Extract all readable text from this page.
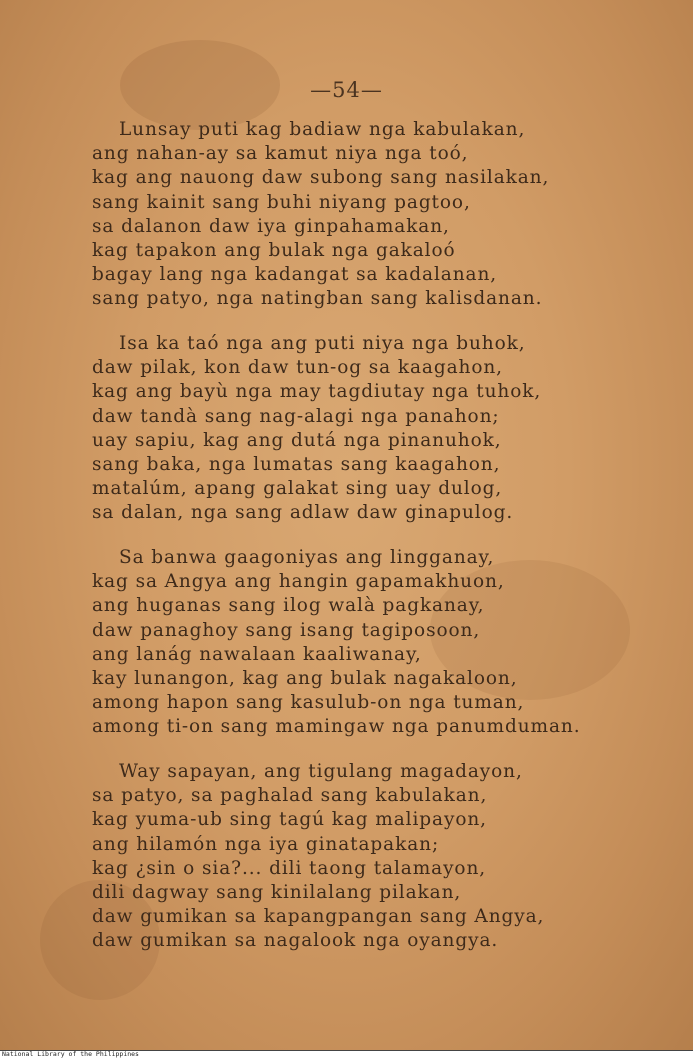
—54—
Lunsay puti kag badiaw nga kabulakan,
ang nahan-ay sa kamut niya nga toó,
kag ang nauong daw subong sang nasilakan,
sang kainit sang buhi niyang pagtoo,
sa dalanon daw iya ginpahamakan,
kag tapakon ang bulak nga gakaloó
bagay lang nga kadangat sa kadalanan,
sang patyo, nga natingban sang kalisdanan.
Isa ka taó nga ang puti niya nga buhok,
daw pilak, kon daw tun-og sa kaagahon,
kag ang bayù nga may tagdiutay nga tuhok,
daw tandà sang nag-alagi nga panahon;
uay sapiu, kag ang dutá nga pinanuhok,
sang baka, nga lumatas sang kaagahon,
matalúm, apang galakat sing uay dulog,
sa dalan, nga sang adlaw daw ginapulog.
Sa banwa gaagoniyas ang lingganay,
kag sa Angya ang hangin gapamakhuon,
ang huganas sang ilog walà pagkanay,
daw panaghoy sang isang tagiposoon,
ang lanág nawalaan kaaliwanay,
kay lunangon, kag ang bulak nagakaloon,
among hapon sang kasulub-on nga tuman,
among ti-on sang mamingaw nga panumduman.
Way sapayan, ang tigulang magadayon,
sa patyo, sa paghalad sang kabulakan,
kag yuma-ub sing tagú kag malipayon,
ang hilamón nga iya ginatapakan;
kag ¿sin o sia?... dili taong talamayon,
dili dagway sang kinilalang pilakan,
daw gumikan sa kapangpangan sang Angya,
daw gumikan sa nagalook nga oyangya.
National Library of the Philippines
